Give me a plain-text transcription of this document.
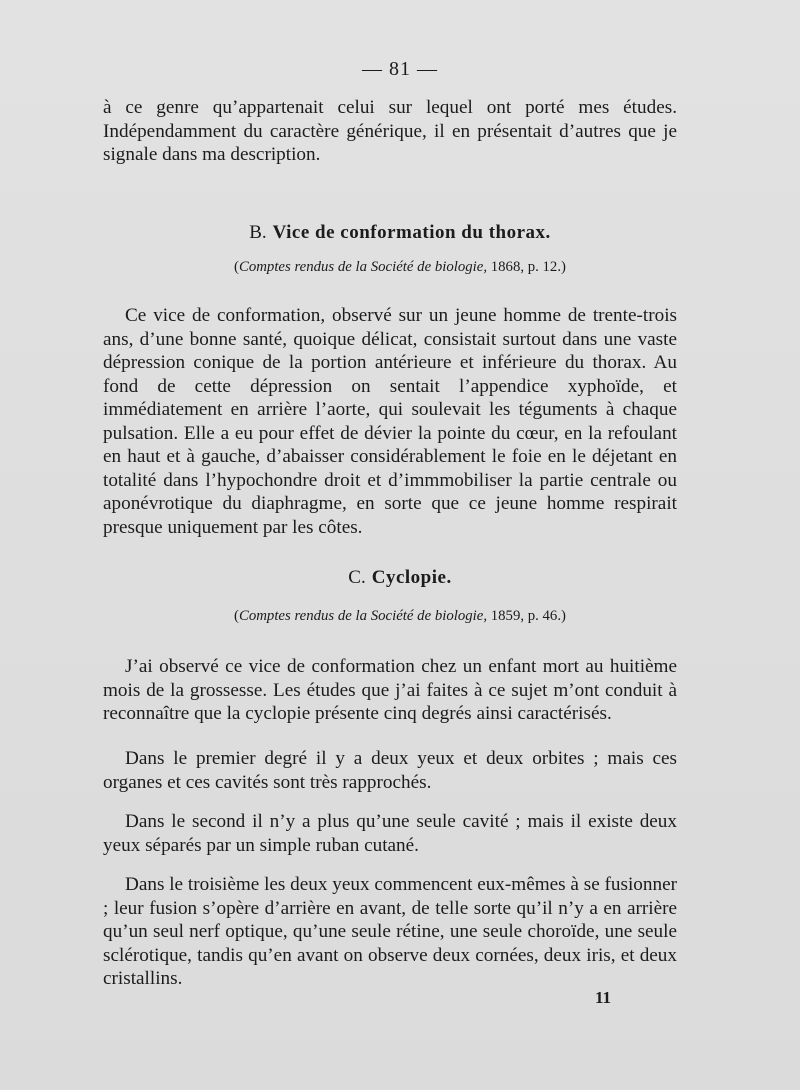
— 81 —

à ce genre qu’appartenait celui sur lequel ont porté mes études. Indépendamment du caractère générique, il en présentait d’autres que je signale dans ma description.

B. Vice de conformation du thorax.
(Comptes rendus de la Société de biologie, 1868, p. 12.)

Ce vice de conformation, observé sur un jeune homme de trente-trois ans, d’une bonne santé, quoique délicat, consistait surtout dans une vaste dépression conique de la portion antérieure et inférieure du thorax. Au fond de cette dépression on sentait l’appendice xyphoïde, et immédiatement en arrière l’aorte, qui soulevait les téguments à chaque pulsation. Elle a eu pour effet de dévier la pointe du cœur, en la refoulant en haut et à gauche, d’abaisser considérablement le foie en le déjetant en totalité dans l’hypochondre droit et d’immmobiliser la partie centrale ou aponévrotique du diaphragme, en sorte que ce jeune homme respirait presque uniquement par les côtes.

C. Cyclopie.
(Comptes rendus de la Société de biologie, 1859, p. 46.)

J’ai observé ce vice de conformation chez un enfant mort au huitième mois de la grossesse. Les études que j’ai faites à ce sujet m’ont conduit à reconnaître que la cyclopie présente cinq degrés ainsi caractérisés.

Dans le premier degré il y a deux yeux et deux orbites ; mais ces organes et ces cavités sont très rapprochés.

Dans le second il n’y a plus qu’une seule cavité ; mais il existe deux yeux séparés par un simple ruban cutané.

Dans le troisième les deux yeux commencent eux-mêmes à se fusionner ; leur fusion s’opère d’arrière en avant, de telle sorte qu’il n’y a en arrière qu’un seul nerf optique, qu’une seule rétine, une seule choroïde, une seule sclérotique, tandis qu’en avant on observe deux cornées, deux iris, et deux cristallins.

11
